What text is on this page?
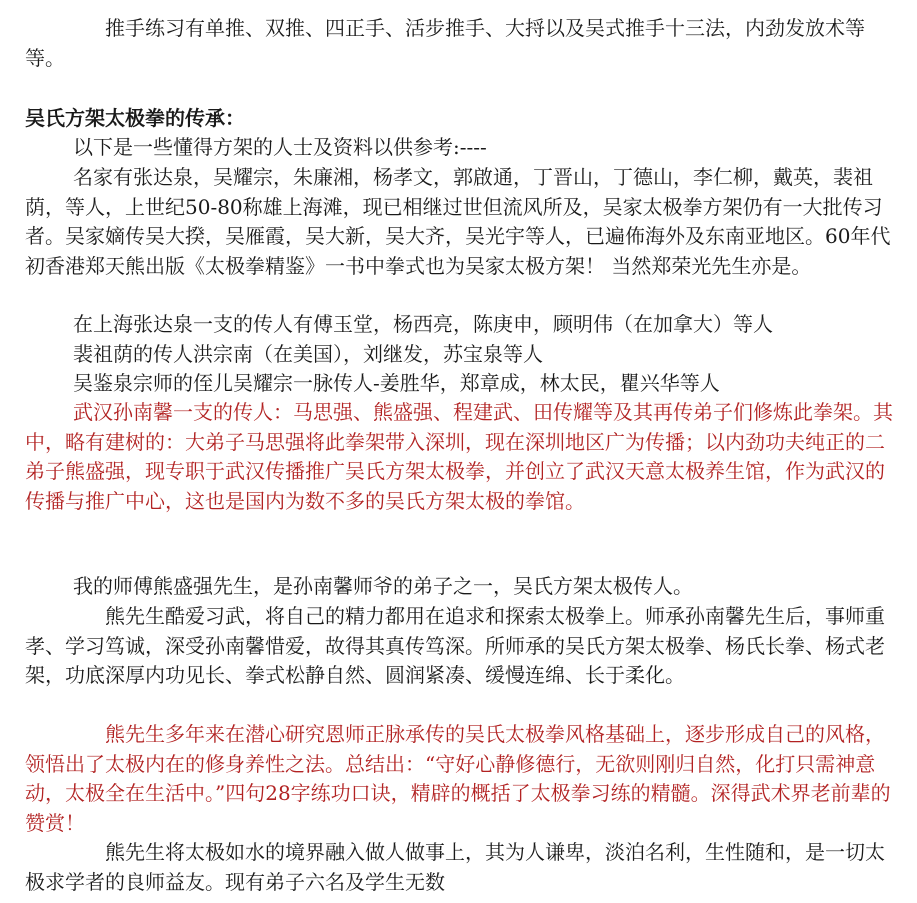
推手练习有单推、双推、四正手、活步推手、大捋以及吴式推手十三法，内劲发放术等等。

吴氏方架太极拳的传承：

以下是一些懂得方架的人士及资料以供参考:----

名家有张达泉，吴耀宗，朱廉湘，杨孝文，郭啟通，丁晋山，丁德山，李仁柳，戴英，裴祖荫，等人，上世纪50-80称雄上海滩，现已相继过世但流风所及，吴家太极拳方架仍有一大批传习者。吴家嫡传吴大揆，吴雁霞，吴大新，吴大齐，吴光宇等人，已遍佈海外及东南亚地区。60年代初香港郑天熊出版《太极拳精鉴》一书中拳式也为吴家太极方架！ 当然郑荣光先生亦是。

在上海张达泉一支的传人有傅玉堂，杨西亮，陈庚申，顾明伟（在加拿大）等人

裴祖荫的传人洪宗南（在美国），刘继发，苏宝泉等人

吴鉴泉宗师的侄儿吴耀宗一脉传人-姜胜华，郑章成，林太民，瞿兴华等人

武汉孙南馨一支的传人：马思强、熊盛强、程建武、田传耀等及其再传弟子们修炼此拳架。其中，略有建树的：大弟子马思强将此拳架带入深圳，现在深圳地区广为传播；以内劲功夫纯正的二弟子熊盛强，现专职于武汉传播推广吴氏方架太极拳，并创立了武汉天意太极养生馆，作为武汉的传播与推广中心，这也是国内为数不多的吴氏方架太极的拳馆。

我的师傅熊盛强先生，是孙南馨师爷的弟子之一，吴氏方架太极传人。

熊先生酷爱习武，将自己的精力都用在追求和探索太极拳上。师承孙南馨先生后，事师重孝、学习笃诚，深受孙南馨惜爱，故得其真传笃深。所师承的吴氏方架太极拳、杨氏长拳、杨式老架，功底深厚内功见长、拳式松静自然、圆润紧凑、缓慢连绵、长于柔化。

熊先生多年来在潜心研究恩师正脉承传的吴氏太极拳风格基础上，逐步形成自己的风格，领悟出了太极内在的修身养性之法。总结出：“守好心静修德行，无欲则刚归自然，化打只需神意动，太极全在生活中。”四句28字练功口诀，精辟的概括了太极拳习练的精髓。深得武术界老前辈的赞赏！

熊先生将太极如水的境界融入做人做事上，其为人谦卑，淡泊名利，生性随和，是一切太极求学者的良师益友。现有弟子六名及学生无数
